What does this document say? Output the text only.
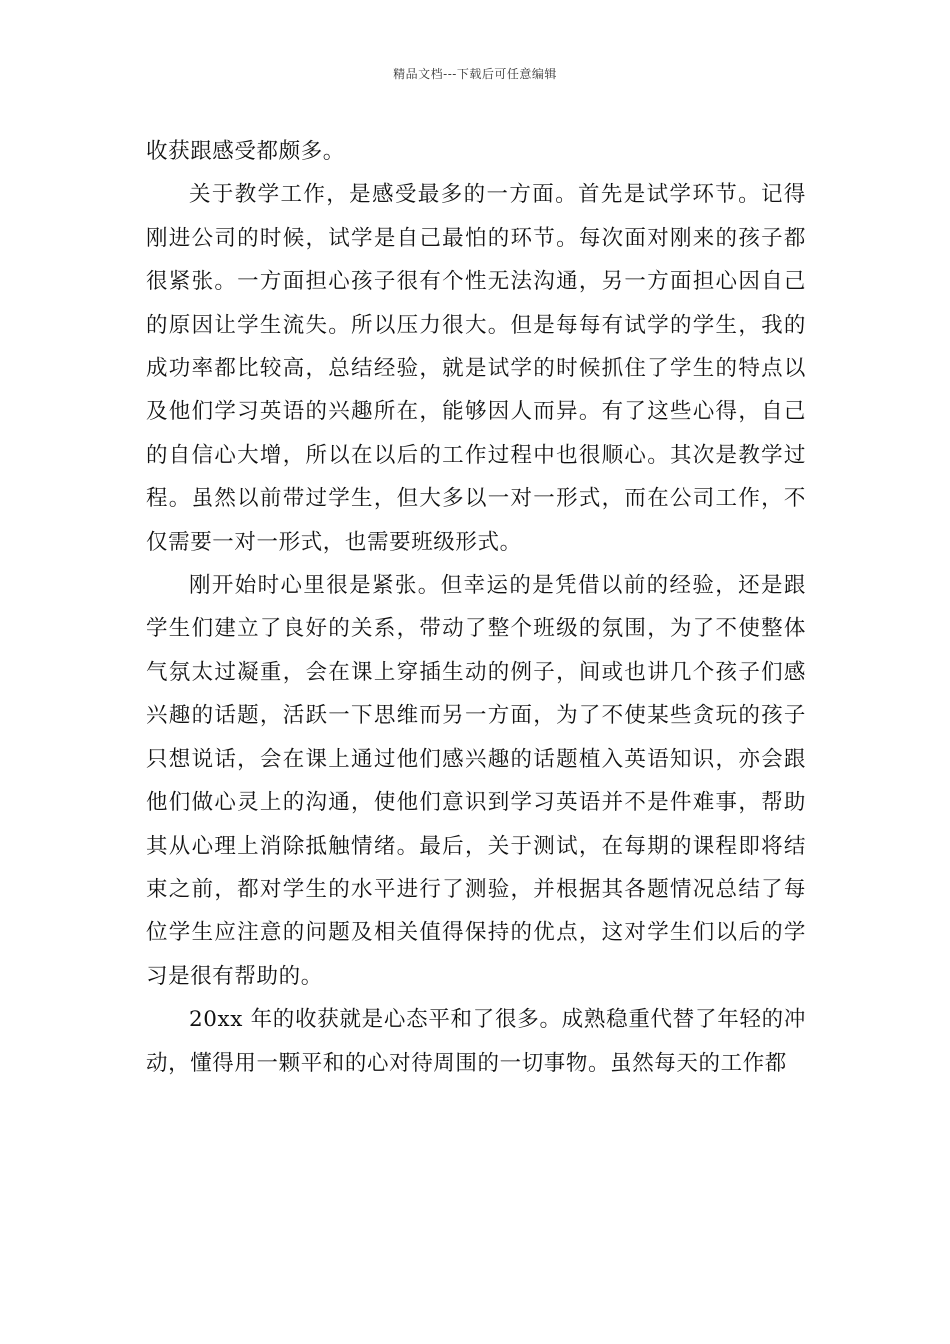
精品文档---下载后可任意编辑

收获跟感受都颇多。

关于教学工作，是感受最多的一方面。首先是试学环节。记得刚进公司的时候，试学是自己最怕的环节。每次面对刚来的孩子都很紧张。一方面担心孩子很有个性无法沟通，另一方面担心因自己的原因让学生流失。所以压力很大。但是每每有试学的学生，我的成功率都比较高，总结经验，就是试学的时候抓住了学生的特点以及他们学习英语的兴趣所在，能够因人而异。有了这些心得，自己的自信心大增，所以在以后的工作过程中也很顺心。其次是教学过程。虽然以前带过学生，但大多以一对一形式，而在公司工作，不仅需要一对一形式，也需要班级形式。

刚开始时心里很是紧张。但幸运的是凭借以前的经验，还是跟学生们建立了良好的关系，带动了整个班级的氛围，为了不使整体气氛太过凝重，会在课上穿插生动的例子，间或也讲几个孩子们感兴趣的话题，活跃一下思维而另一方面，为了不使某些贪玩的孩子只想说话，会在课上通过他们感兴趣的话题植入英语知识，亦会跟他们做心灵上的沟通，使他们意识到学习英语并不是件难事，帮助其从心理上消除抵触情绪。最后，关于测试，在每期的课程即将结束之前，都对学生的水平进行了测验，并根据其各题情况总结了每位学生应注意的问题及相关值得保持的优点，这对学生们以后的学习是很有帮助的。

20xx 年的收获就是心态平和了很多。成熟稳重代替了年轻的冲动，懂得用一颗平和的心对待周围的一切事物。虽然每天的工作都
